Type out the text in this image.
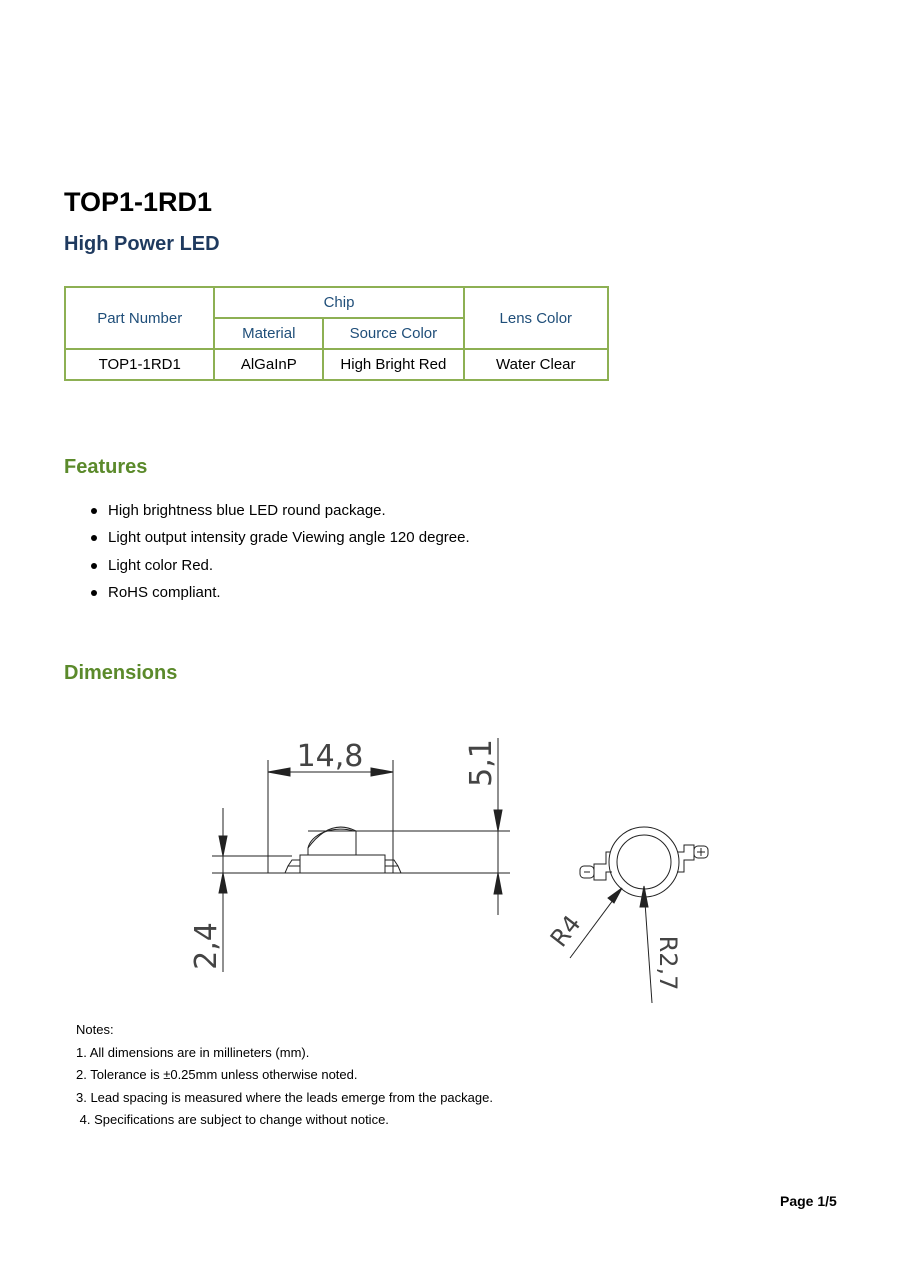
TOP1-1RD1
High Power LED
Part Number	Chip		Lens Color
	Material	Source Color	
TOP1-1RD1	AlGaInP	High Bright Red	Water Clear
Features
High brightness blue LED round package.
Light output intensity grade Viewing angle 120 degree.
Light color Red.
RoHS compliant.
Dimensions
14,8	5,1
2,4	R4
R2,7
Notes:
1. All dimensions are in millineters (mm).
2. Tolerance is ±0.25mm unless otherwise noted.
3. Lead spacing is measured where the leads emerge from the package.
4. Specifications are subject to change without notice.
Page 1/5
